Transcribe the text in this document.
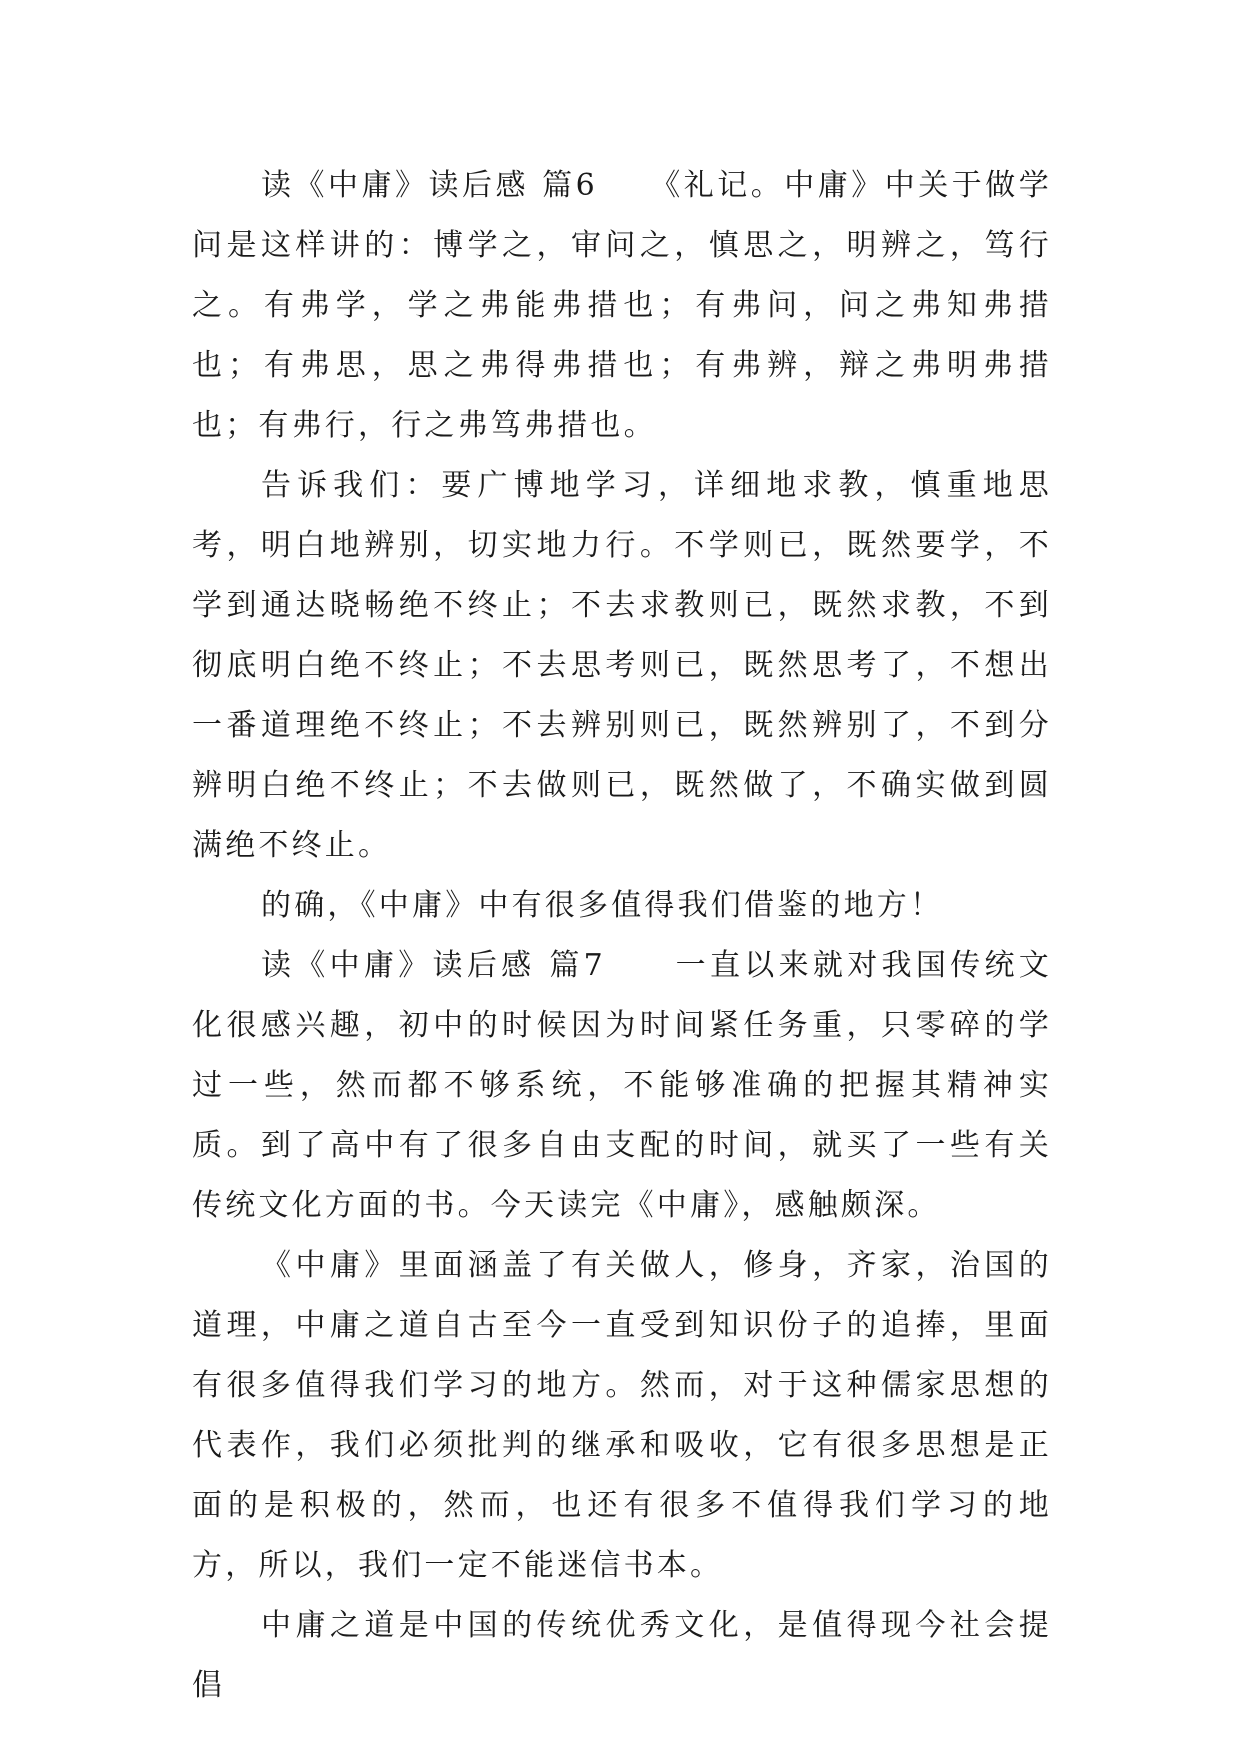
读《中庸》读后感 篇6　　《礼记。中庸》中关于做学问是这样讲的：博学之，审问之，慎思之，明辨之，笃行之。有弗学，学之弗能弗措也；有弗问，问之弗知弗措也；有弗思，思之弗得弗措也；有弗辨，辩之弗明弗措也；有弗行，行之弗笃弗措也。

告诉我们：要广博地学习，详细地求教，慎重地思考，明白地辨别，切实地力行。不学则已，既然要学，不学到通达晓畅绝不终止；不去求教则已，既然求教，不到彻底明白绝不终止；不去思考则已，既然思考了，不想出一番道理绝不终止；不去辨别则已，既然辨别了，不到分辨明白绝不终止；不去做则已，既然做了，不确实做到圆满绝不终止。

的确，《中庸》中有很多值得我们借鉴的地方！

读《中庸》读后感 篇7　　一直以来就对我国传统文化很感兴趣，初中的时候因为时间紧任务重，只零碎的学过一些，然而都不够系统，不能够准确的把握其精神实质。到了高中有了很多自由支配的时间，就买了一些有关传统文化方面的书。今天读完《中庸》，感触颇深。

《中庸》里面涵盖了有关做人，修身，齐家，治国的道理，中庸之道自古至今一直受到知识份子的追捧，里面有很多值得我们学习的地方。然而，对于这种儒家思想的代表作，我们必须批判的继承和吸收，它有很多思想是正面的是积极的，然而，也还有很多不值得我们学习的地方，所以，我们一定不能迷信书本。

中庸之道是中国的传统优秀文化，是值得现今社会提倡
